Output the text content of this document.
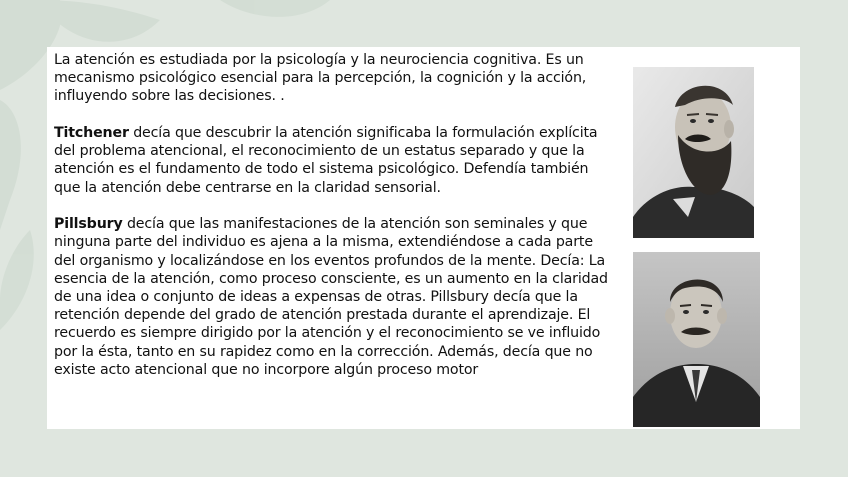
La atención es estudiada por la psicología y la neurociencia cognitiva. Es un mecanismo psicológico esencial para la percepción, la cognición y la acción, influyendo sobre las decisiones. .

Titchener decía que descubrir la atención significaba la formulación explícita del problema atencional, el reconocimiento de un estatus separado y que la atención es el fundamento de todo el sistema psicológico. Defendía también que la atención debe centrarse en la claridad sensorial.

Pillsbury decía que las manifestaciones de la atención son seminales y que ninguna parte del individuo es ajena a la misma, extendiéndose a cada parte del organismo y localizándose en los eventos profundos de la mente. Decía: La esencia de la atención, como proceso consciente, es un aumento en la claridad de una idea o conjunto de ideas a expensas de otras. Pillsbury decía que la retención depende del grado de atención prestada durante el aprendizaje. El recuerdo es siempre dirigido por la atención y el reconocimiento se ve influido por la ésta, tanto en su rapidez como en la corrección. Además, decía que no existe acto atencional que no incorpore algún proceso motor
